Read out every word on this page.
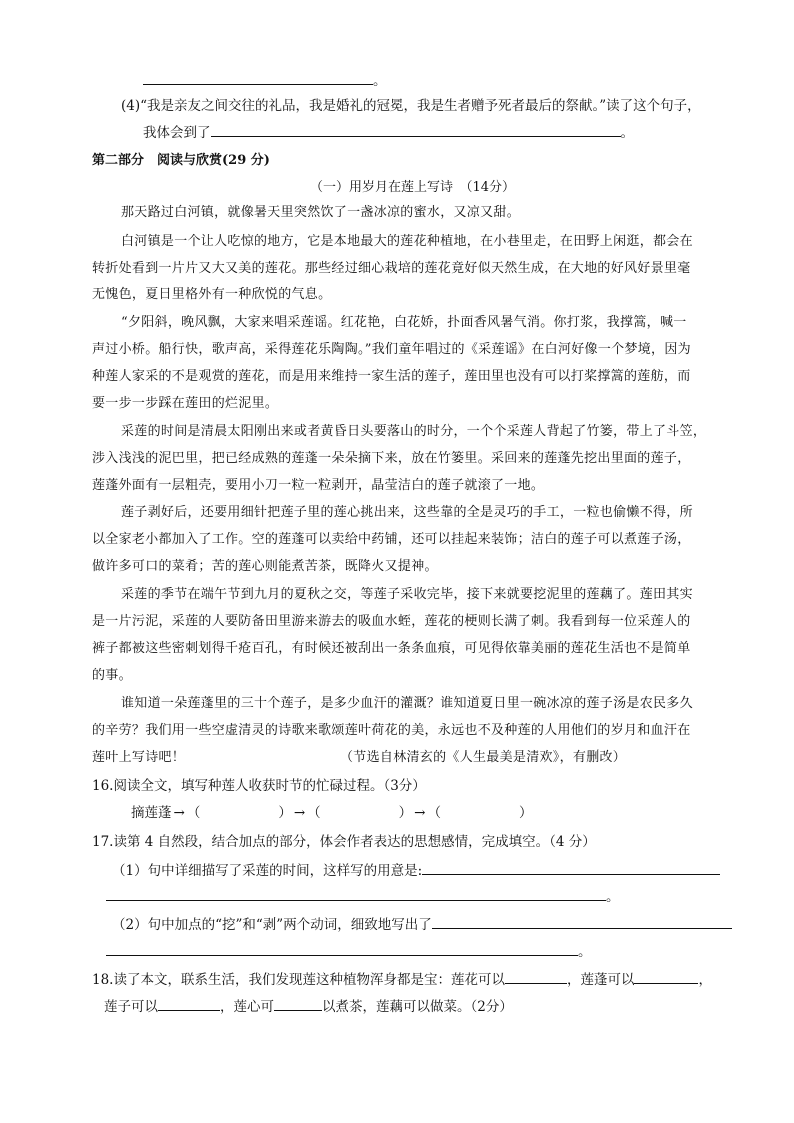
。
(4)“我是亲友之间交往的礼品，我是婚礼的冠冕，我是生者赠予死者最后的祭献。”读了这个句子，
我体会到了	。
第二部分　阅读与欣赏(29 分)
（一）用岁月在莲上写诗　（14分）
那天路过白河镇，就像暑天里突然饮了一盏冰凉的蜜水，又凉又甜。
白河镇是一个让人吃惊的地方，它是本地最大的莲花种植地，在小巷里走，在田野上闲逛，都会在
转折处看到一片片又大又美的莲花。那些经过细心栽培的莲花竟好似天然生成，在大地的好风好景里毫
无愧色，夏日里格外有一种欣悦的气息。
“夕阳斜，晚风飘，大家来唱采莲谣。红花艳，白花娇，扑面香风暑气消。你打浆，我撑篙，喊一
声过小桥。船行快，歌声高，采得莲花乐陶陶。”我们童年唱过的《采莲谣》在白河好像一个梦境，因为
种莲人家采的不是观赏的莲花，而是用来维持一家生活的莲子，莲田里也没有可以打桨撑篙的莲舫，而
要一步一步踩在莲田的烂泥里。
采莲的时间是清晨太阳刚出来或者黄昏日头要落山的时分，一个个采莲人背起了竹篓，带上了斗笠，
涉入浅浅的泥巴里，把已经成熟的莲蓬一朵朵摘下来，放在竹篓里。采回来的莲蓬先挖出里面的莲子，
莲蓬外面有一层粗壳，要用小刀一粒一粒剥开，晶莹洁白的莲子就滚了一地。
莲子剥好后，还要用细针把莲子里的莲心挑出来，这些靠的全是灵巧的手工，一粒也偷懒不得，所
以全家老小都加入了工作。空的莲蓬可以卖给中药铺，还可以挂起来装饰；洁白的莲子可以煮莲子汤，
做许多可口的菜肴；苦的莲心则能煮苦茶，既降火又提神。
采莲的季节在端午节到九月的夏秋之交，等莲子采收完毕，接下来就要挖泥里的莲藕了。莲田其实
是一片污泥，采莲的人要防备田里游来游去的吸血水蛭，莲花的梗则长满了刺。我看到每一位采莲人的
裤子都被这些密刺划得千疮百孔，有时候还被刮出一条条血痕，可见得依靠美丽的莲花生活也不是简单
的事。
谁知道一朵莲蓬里的三十个莲子，是多少血汗的灌溉？谁知道夏日里一碗冰凉的莲子汤是农民多久
的辛劳？我们用一些空虚清灵的诗歌来歌颂莲叶荷花的美，永远也不及种莲的人用他们的岁月和血汗在
莲叶上写诗吧！	（节选自林清玄的《人生最美是清欢》，有删改）
16.阅读全文，填写种莲人收获时节的忙碌过程。（3分）
摘莲蓬 → （	） → （	） → （	）
17.读第 4 自然段，结合加点的部分，体会作者表达的思想感情，完成填空。（4 分）
（1）句中详细描写了采莲的时间，这样写的用意是:
。
（2）句中加点的“挖”和“剥”两个动词，细致地写出了
。
18.读了本文，联系生活，我们发现莲这种植物浑身都是宝：莲花可以	，莲蓬可以	，
莲子可以	，莲心可	以煮茶，莲藕可以做菜。（2分）
